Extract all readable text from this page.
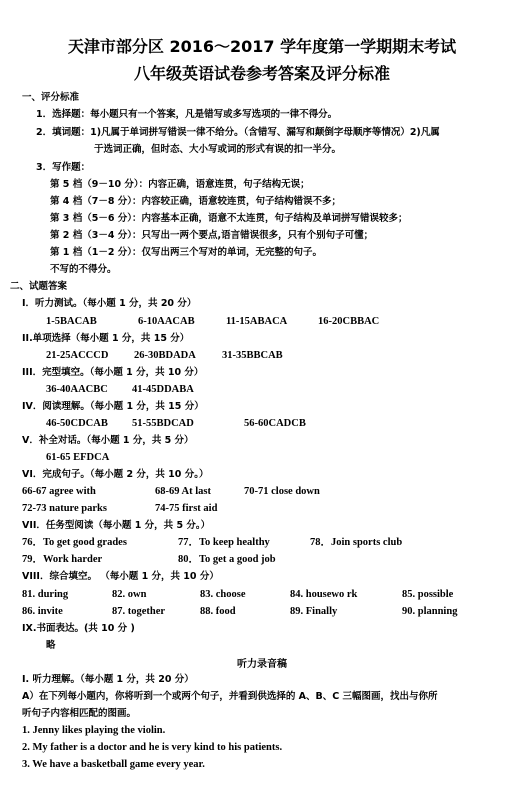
天津市部分区 2016～2017 学年度第一学期期末考试
八年级英语试卷参考答案及评分标准
一、评分标准
1．选择题：每小题只有一个答案，凡是错写或多写选项的一律不得分。
2．填词题：1)凡属于单词拼写错误一律不给分。（含错写、漏写和颠倒字母顺序等情况）2)凡属
于选词正确，但时态、大小写或词的形式有误的扣一半分。
3．写作题：
第 5 档（9－10 分）：内容正确，语意连贯，句子结构无误；
第 4 档（7－8 分）：内容较正确，语意较连贯，句子结构错误不多；
第 3 档（5－6 分）：内容基本正确，语意不太连贯，句子结构及单词拼写错误较多；
第 2 档（3－4 分）：只写出一两个要点,语言错误很多，只有个别句子可懂；
第 1 档（1－2 分）：仅写出两三个写对的单词，无完整的句子。
不写的不得分。
二、试题答案
I．听力测试。（每小题 1 分，共 20 分）
1-5BACAB	6-10AACAB	11-15ABACA	16-20CBBAC
II.单项选择（每小题 1 分，共 15 分）
21-25ACCCD 26-30BDADA 31-35BBCAB
III．完型填空。（每小题 1 分，共 10 分）
36-40AACBC 41-45DDABA
IV．阅读理解。（每小题 1 分，共 15 分）
46-50CDCAB 51-55BDCAD	56-60CADCB
V．补全对话。（每小题 1 分，共 5 分）
61-65 EFDCA
VI．完成句子。（每小题 2 分，共 10 分。）
66-67 agree with	68-69 At last	70-71 close down
72-73 nature parks	74-75 first aid
VII．任务型阅读（每小题 1 分，共 5 分。）
76．To get good grades	77．To keep healthy	78．Join sports club
79．Work harder	80．To get a good job
VIII．综合填空。 （每小题 1 分，共 10 分）
81. during	82. own	83. choose	84. housewo rk	85. possible
86. invite	87. together	88. food	89. Finally	90. planning
IX.书面表达。(共 10 分 )
略
听力录音稿
Ⅰ. 听力理解。（每小题 1 分，共 20 分）
A）在下列每小题内，你将听到一个或两个句子，并看到供选择的 A、B、C 三幅图画，找出与你所
听句子内容相匹配的图画。
1. Jenny likes playing the violin.
2. My father is a doctor and he is very kind to his patients.
3. We have a basketball game every year.
